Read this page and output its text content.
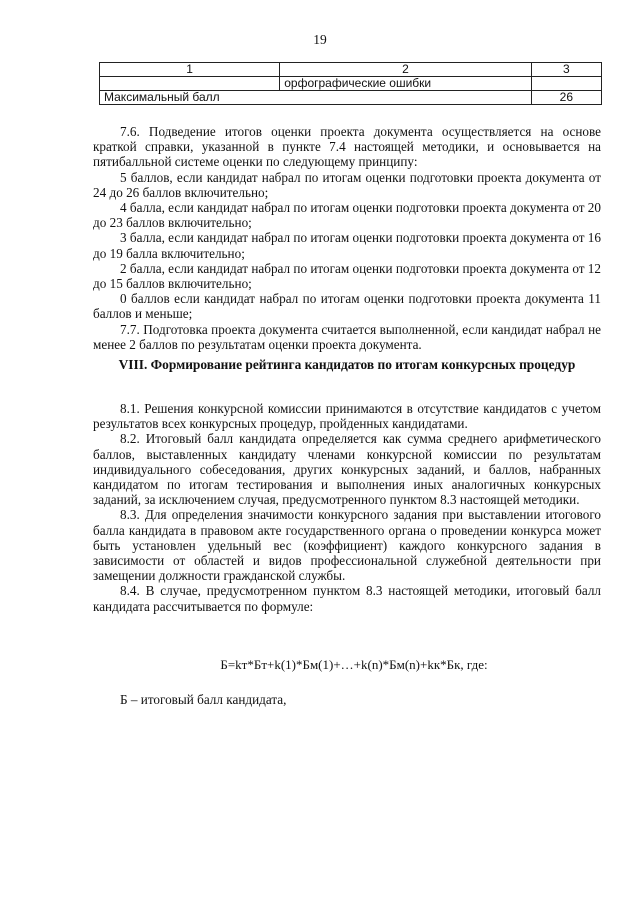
19
1	2	3
	орфографические ошибки	
Максимальный балл		26

7.6. Подведение итогов оценки проекта документа осуществляется на основе краткой справки, указанной в пункте 7.4 настоящей методики, и основывается на пятибалльной системе оценки по следующему принципу:

5 баллов, если кандидат набрал по итогам оценки подготовки проекта документа от 24 до 26 баллов включительно;

4 балла, если кандидат набрал по итогам оценки подготовки проекта документа от 20 до 23 баллов включительно;

3 балла, если кандидат набрал по итогам оценки подготовки проекта документа от 16 до 19 балла включительно;

2 балла, если кандидат набрал по итогам оценки подготовки проекта документа от 12 до 15 баллов включительно;

0 баллов если кандидат набрал по итогам оценки подготовки проекта документа 11 баллов и меньше;

7.7. Подготовка проекта документа считается выполненной, если кандидат набрал не менее 2 баллов по результатам оценки проекта документа.

VIII. Формирование рейтинга кандидатов по итогам конкурсных процедур

8.1. Решения конкурсной комиссии принимаются в отсутствие кандидатов с учетом результатов всех конкурсных процедур, пройденных кандидатами.

8.2. Итоговый балл кандидата определяется как сумма среднего арифметического баллов, выставленных кандидату членами конкурсной комиссии по результатам индивидуального собеседования, других конкурсных заданий, и баллов, набранных кандидатом по итогам тестирования и выполнения иных аналогичных конкурсных заданий, за исключением случая, предусмотренного пунктом 8.3 настоящей методики.

8.3. Для определения значимости конкурсного задания при выставлении итогового балла кандидата в правовом акте государственного органа о проведении конкурса может быть установлен удельный вес (коэффициент) каждого конкурсного задания в зависимости от областей и видов профессиональной служебной деятельности при замещении должности гражданской службы.

8.4. В случае, предусмотренном пунктом 8.3 настоящей методики, итоговый балл кандидата рассчитывается по формуле:

Б=kт*Бт+k(1)*Бм(1)+…+k(n)*Бм(n)+kк*Бк, где:
Б – итоговый балл кандидата,
